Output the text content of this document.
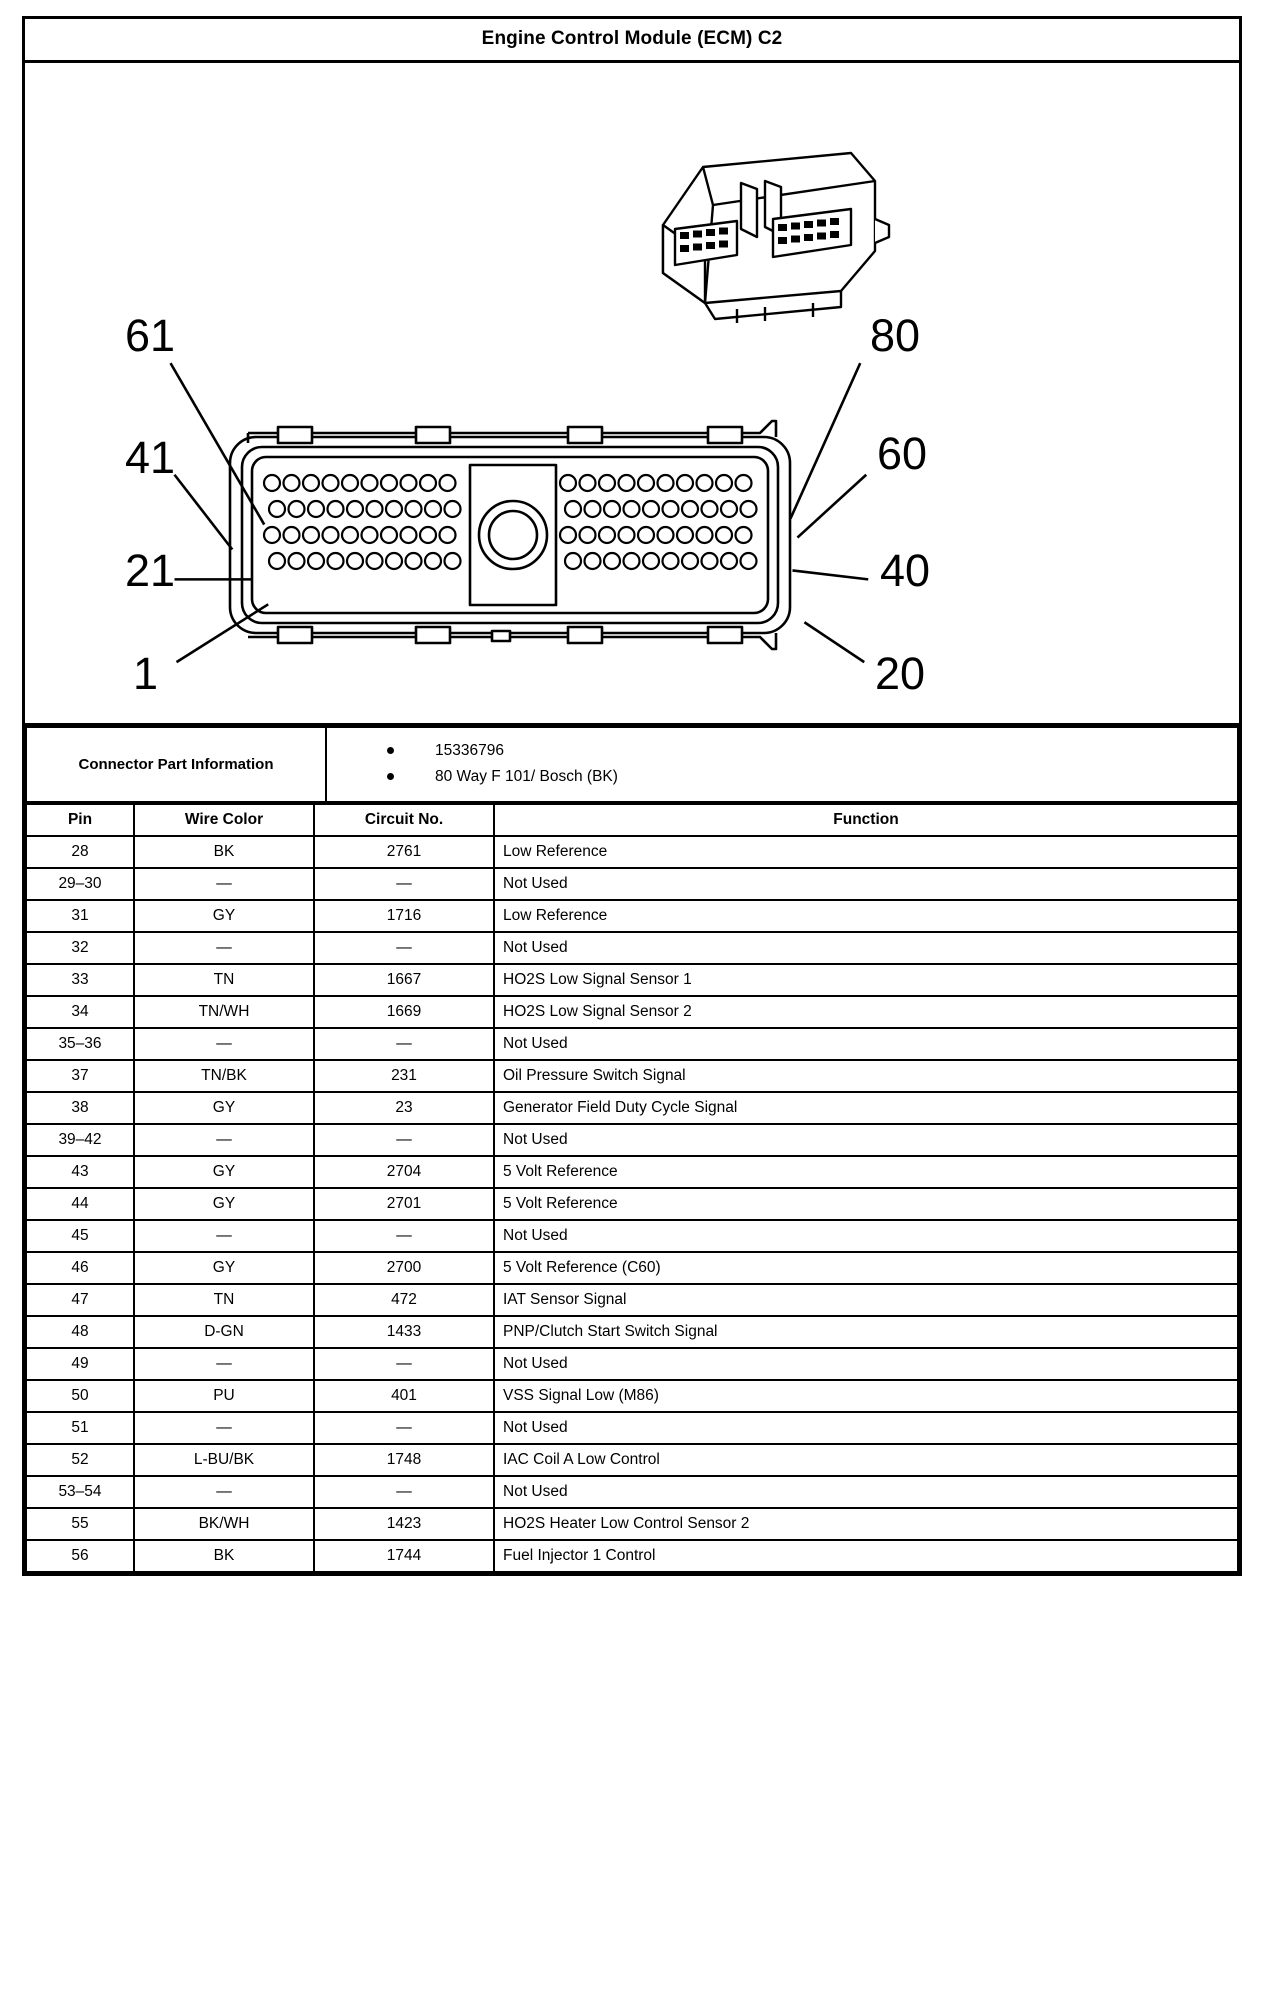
Engine Control Module (ECM) C2
61
41
21
1
80
60
40
20
Connector Part Information	
15336796
80 Way F 101/ Bosch (BK)
Pin	Wire Color	Circuit No.	Function
28	BK	2761	Low Reference
29–30	—	—	Not Used
31	GY	1716	Low Reference
32	—	—	Not Used
33	TN	1667	HO2S Low Signal Sensor 1
34	TN/WH	1669	HO2S Low Signal Sensor 2
35–36	—	—	Not Used
37	TN/BK	231	Oil Pressure Switch Signal
38	GY	23	Generator Field Duty Cycle Signal
39–42	—	—	Not Used
43	GY	2704	5 Volt Reference
44	GY	2701	5 Volt Reference
45	—	—	Not Used
46	GY	2700	5 Volt Reference (C60)
47	TN	472	IAT Sensor Signal
48	D-GN	1433	PNP/Clutch Start Switch Signal
49	—	—	Not Used
50	PU	401	VSS Signal Low (M86)
51	—	—	Not Used
52	L-BU/BK	1748	IAC Coil A Low Control
53–54	—	—	Not Used
55	BK/WH	1423	HO2S Heater Low Control Sensor 2
56	BK	1744	Fuel Injector 1 Control
